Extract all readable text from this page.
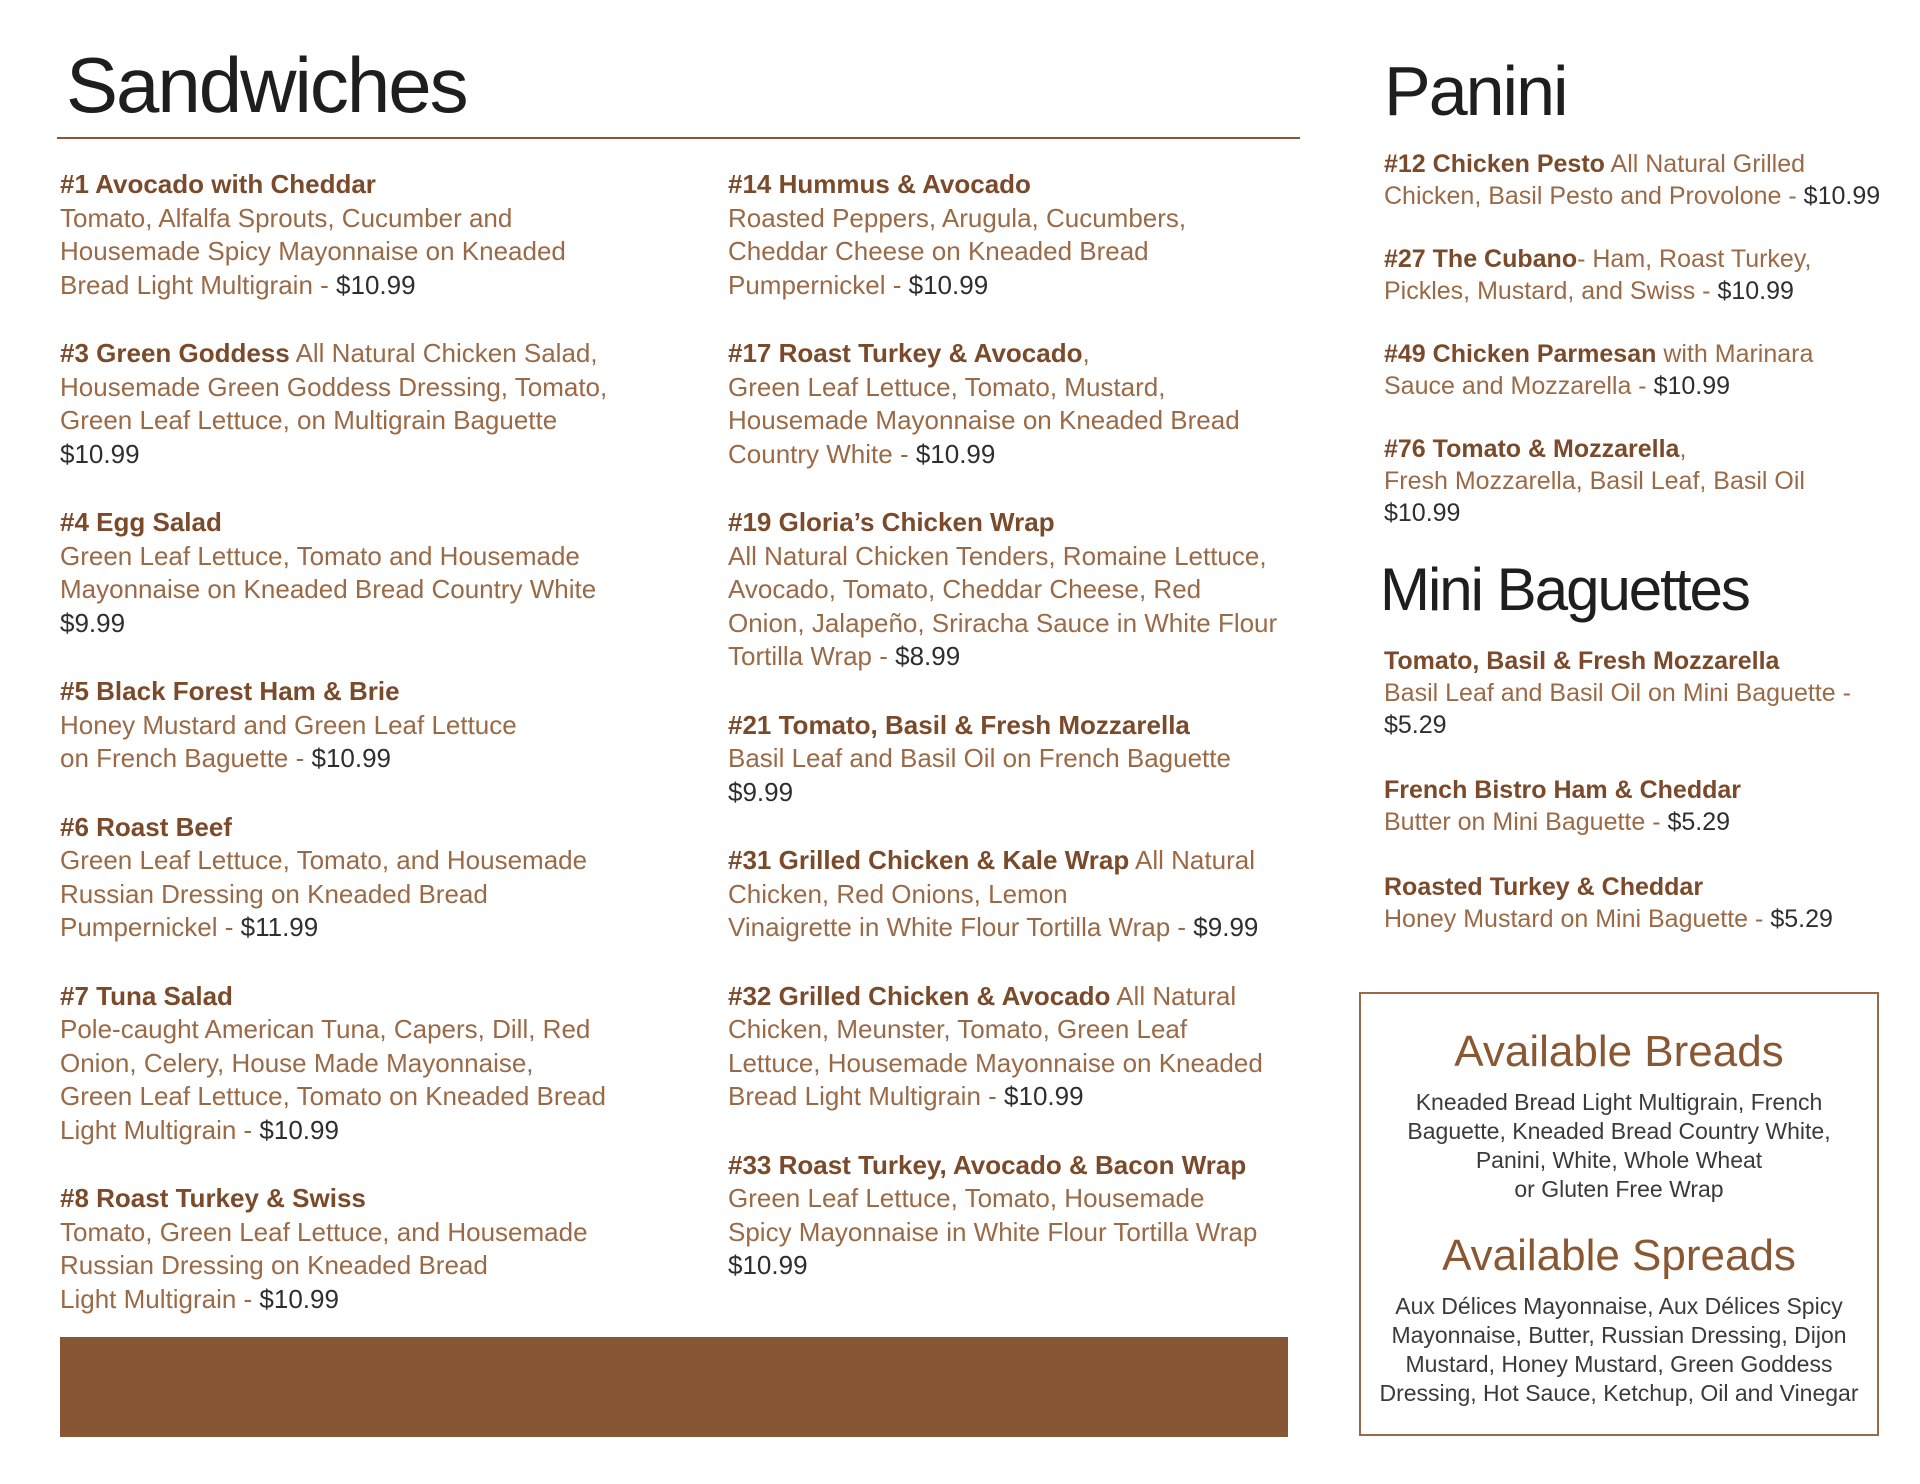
Sandwiches

#1 Avocado with Cheddar
Tomato, Alfalfa Sprouts, Cucumber and
Housemade Spicy Mayonnaise on Kneaded
Bread Light Multigrain - $10.99

#3 Green Goddess All Natural Chicken Salad,
Housemade Green Goddess Dressing, Tomato,
Green Leaf Lettuce, on Multigrain Baguette
$10.99

#4 Egg Salad
Green Leaf Lettuce, Tomato and Housemade
Mayonnaise on Kneaded Bread Country White
$9.99

#5 Black Forest Ham & Brie
Honey Mustard and Green Leaf Lettuce
on French Baguette - $10.99

#6 Roast Beef
Green Leaf Lettuce, Tomato, and Housemade
Russian Dressing on Kneaded Bread
Pumpernickel - $11.99

#7 Tuna Salad
Pole-caught American Tuna, Capers, Dill, Red
Onion, Celery, House Made Mayonnaise,
Green Leaf Lettuce, Tomato on Kneaded Bread
Light Multigrain - $10.99

#8 Roast Turkey & Swiss
Tomato, Green Leaf Lettuce, and Housemade
Russian Dressing on Kneaded Bread
Light Multigrain - $10.99

#14 Hummus & Avocado
Roasted Peppers, Arugula, Cucumbers,
Cheddar Cheese on Kneaded Bread
Pumpernickel - $10.99

#17 Roast Turkey & Avocado,
Green Leaf Lettuce, Tomato, Mustard,
Housemade Mayonnaise on Kneaded Bread
Country White - $10.99

#19 Gloria’s Chicken Wrap
All Natural Chicken Tenders, Romaine Lettuce,
Avocado, Tomato, Cheddar Cheese, Red
Onion, Jalapeño, Sriracha Sauce in White Flour
Tortilla Wrap - $8.99

#21 Tomato, Basil & Fresh Mozzarella
Basil Leaf and Basil Oil on French Baguette
$9.99

#31 Grilled Chicken & Kale Wrap All Natural
Chicken, Red Onions, Lemon
Vinaigrette in White Flour Tortilla Wrap - $9.99

#32 Grilled Chicken & Avocado All Natural
Chicken, Meunster, Tomato, Green Leaf
Lettuce, Housemade Mayonnaise on Kneaded
Bread Light Multigrain - $10.99

#33 Roast Turkey, Avocado & Bacon Wrap
Green Leaf Lettuce, Tomato, Housemade
Spicy Mayonnaise in White Flour Tortilla Wrap
$10.99

Panini

#12 Chicken Pesto All Natural Grilled
Chicken, Basil Pesto and Provolone - $10.99

#27 The Cubano- Ham, Roast Turkey,
Pickles, Mustard, and Swiss - $10.99

#49 Chicken Parmesan with Marinara
Sauce and Mozzarella - $10.99

#76 Tomato & Mozzarella,
Fresh Mozzarella, Basil Leaf, Basil Oil
$10.99

Mini Baguettes

Tomato, Basil & Fresh Mozzarella
Basil Leaf and Basil Oil on Mini Baguette -
$5.29

French Bistro Ham & Cheddar
Butter on Mini Baguette - $5.29

Roasted Turkey & Cheddar
Honey Mustard on Mini Baguette - $5.29

Available Breads

Kneaded Bread Light Multigrain, French
Baguette, Kneaded Bread Country White,
Panini, White, Whole Wheat
or Gluten Free Wrap

Available Spreads

Aux Délices Mayonnaise, Aux Délices Spicy
Mayonnaise, Butter, Russian Dressing, Dijon
Mustard, Honey Mustard, Green Goddess
Dressing, Hot Sauce, Ketchup, Oil and Vinegar
